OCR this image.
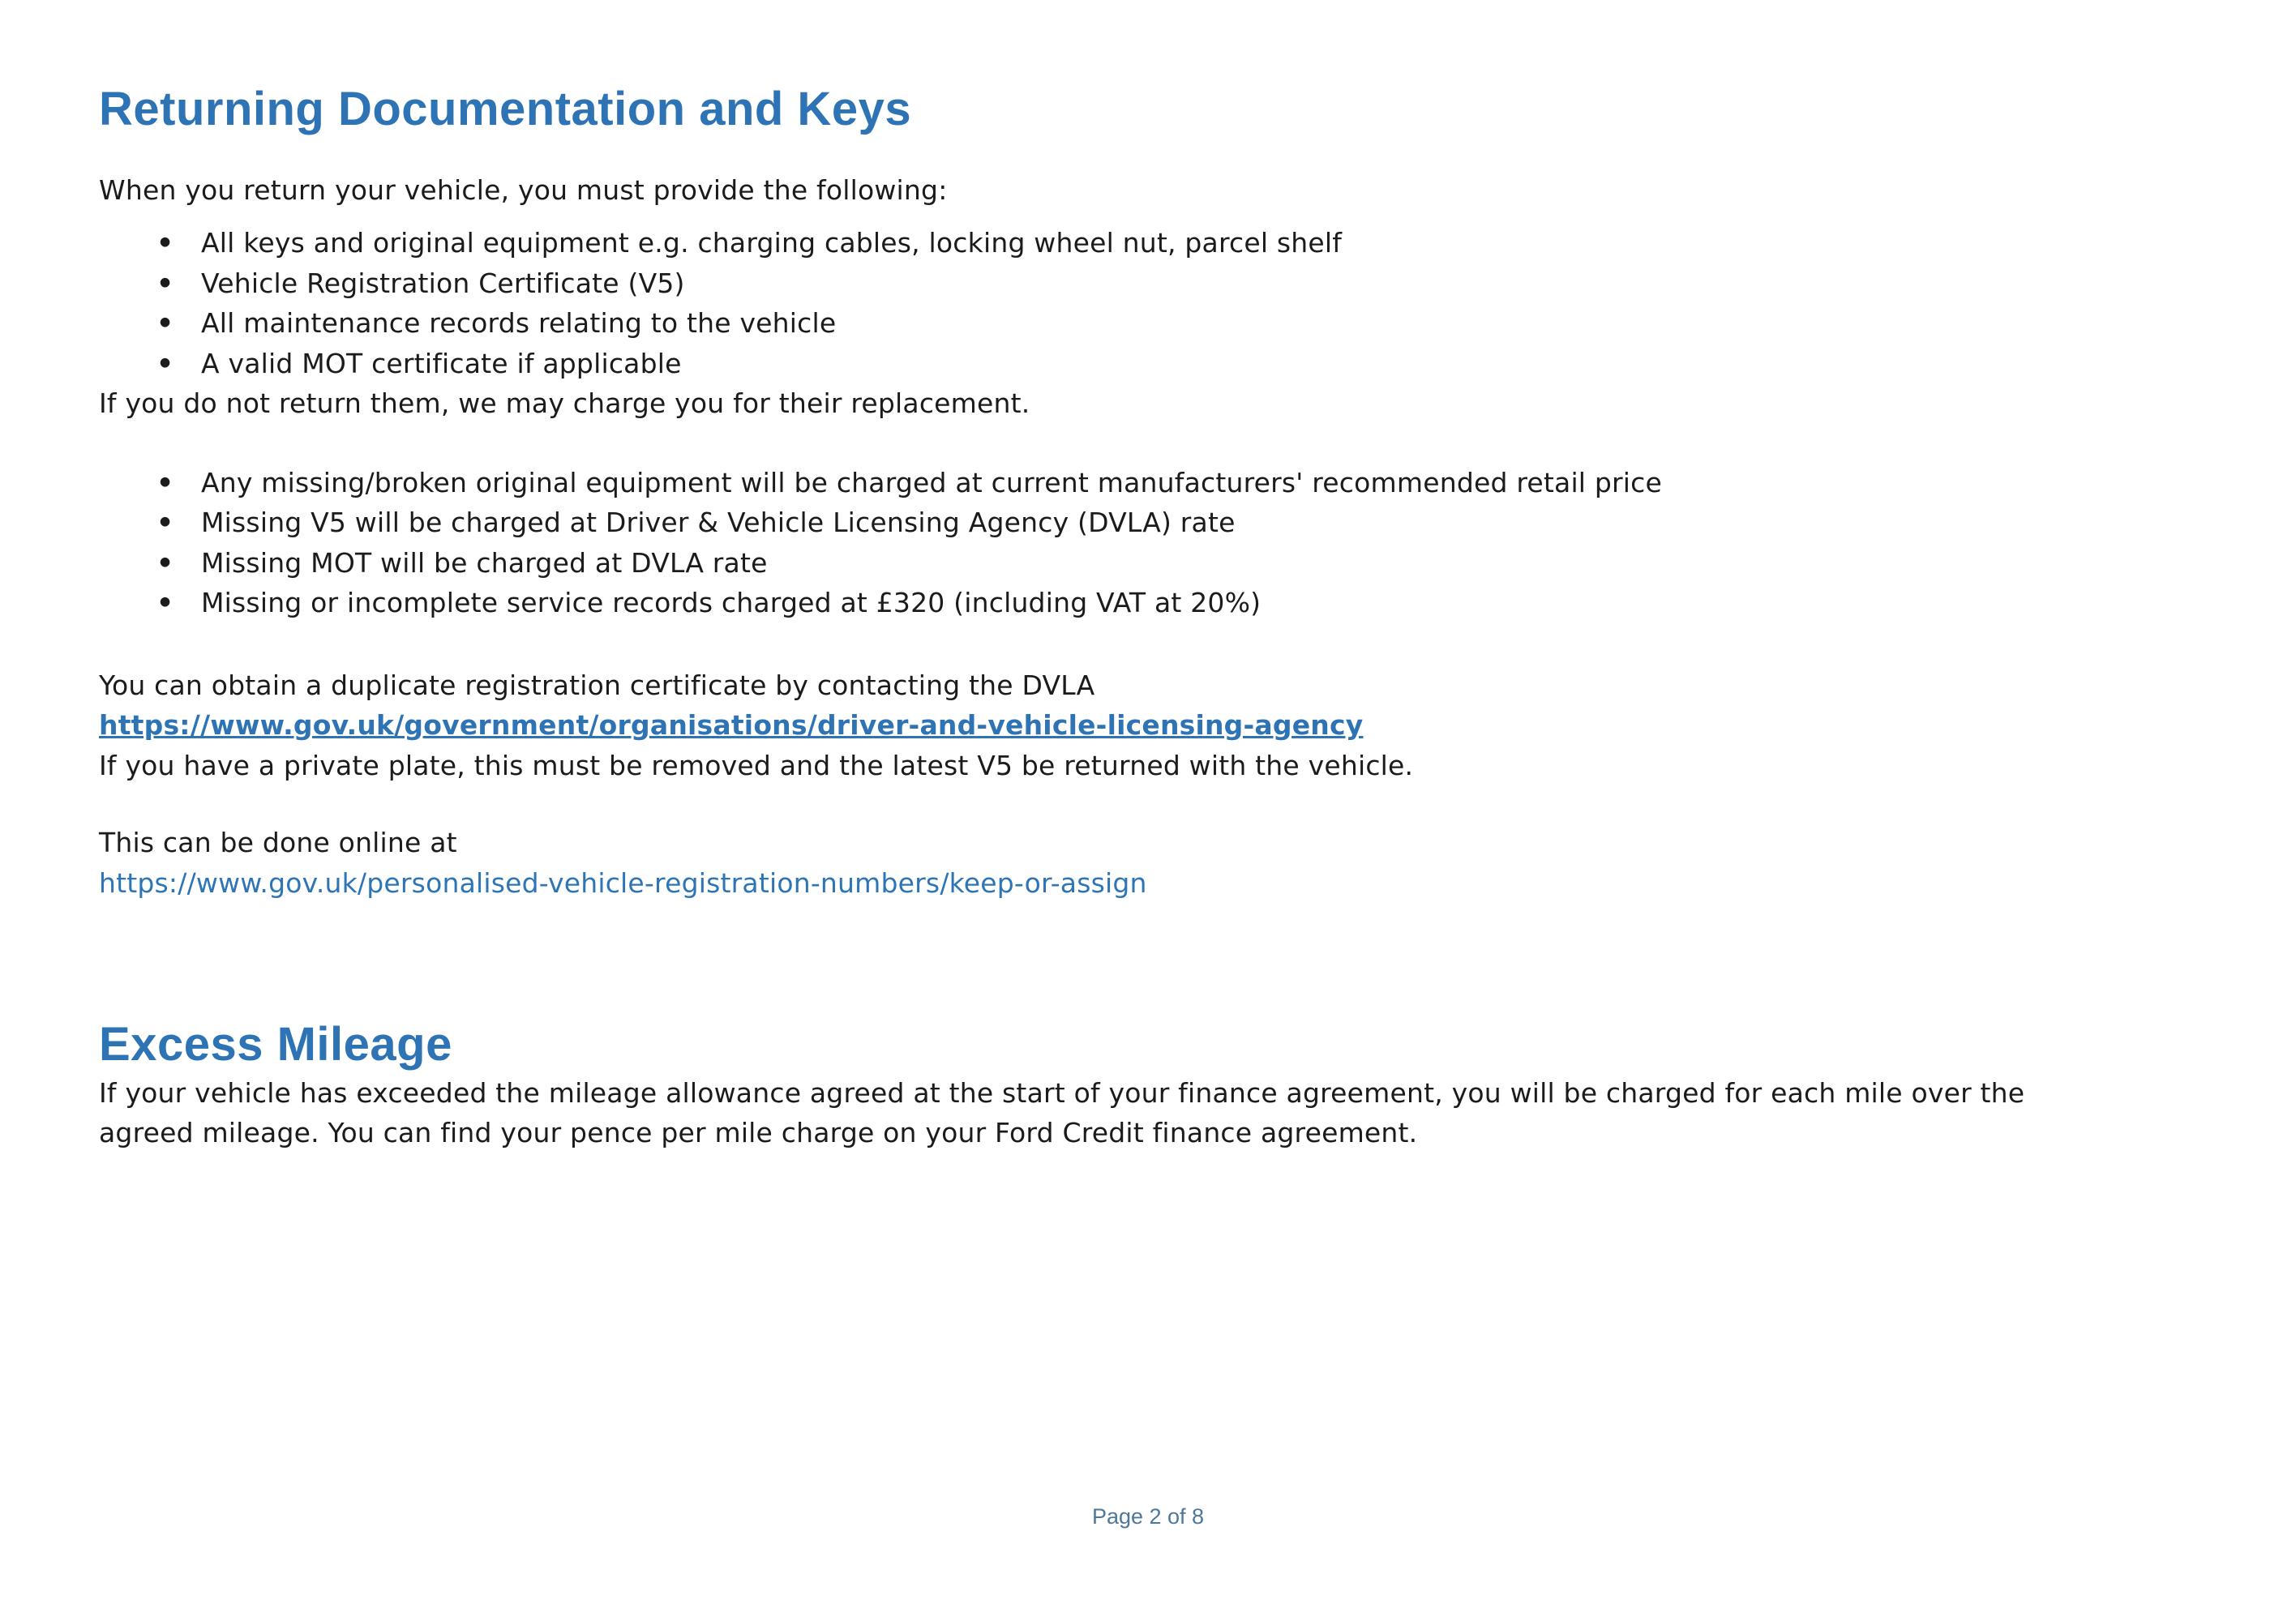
Returning Documentation and Keys

When you return your vehicle, you must provide the following:

• All keys and original equipment e.g. charging cables, locking wheel nut, parcel shelf
• Vehicle Registration Certificate (V5)
• All maintenance records relating to the vehicle
• A valid MOT certificate if applicable

If you do not return them, we may charge you for their replacement.

• Any missing/broken original equipment will be charged at current manufacturers' recommended retail price
• Missing V5 will be charged at Driver & Vehicle Licensing Agency (DVLA) rate
• Missing MOT will be charged at DVLA rate
• Missing or incomplete service records charged at £320 (including VAT at 20%)

You can obtain a duplicate registration certificate by contacting the DVLA

https://www.gov.uk/government/organisations/driver-and-vehicle-licensing-agency

If you have a private plate, this must be removed and the latest V5 be returned with the vehicle.

This can be done online at

https://www.gov.uk/personalised-vehicle-registration-numbers/keep-or-assign
Excess Mileage

If your vehicle has exceeded the mileage allowance agreed at the start of your finance agreement, you will be charged for each mile over the agreed mileage. You can find your pence per mile charge on your Ford Credit finance agreement.

Page 2 of 8
